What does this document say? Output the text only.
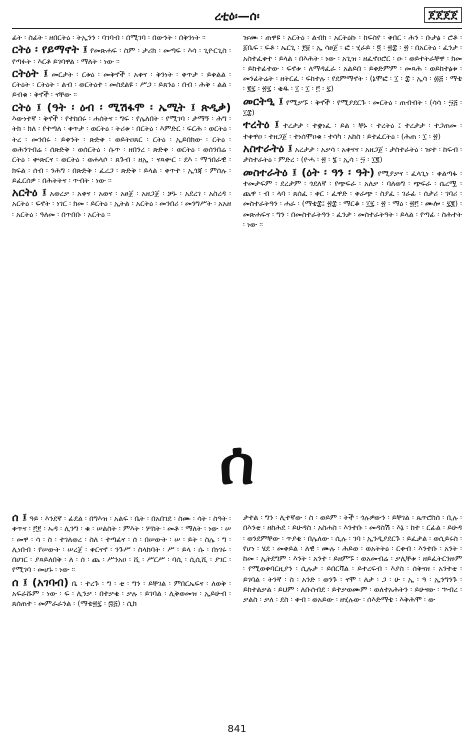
ረቲዕ፡—ሰ፡	ጀጀጀጀ

ፊት ፡ ስፊት ፡ ዘበርትዕ ፡ ትኢንን ፡ ባገባብ ፡ በሚገባ ፡ በውንት ፡ በቅንነት ፡፡

ርትዕ ፡ የይማኖት ፤ የመጽሐፍ ፡ ስም ፡ ታሪክ ፡ መጣፍ ፡ እሳ ፡ ጊዮርጊስ ፡ የጣፉት ፡ እርቶ ይገባዋል ፡ ማለት ፡ ነው ፡፡

ርትዕት ፤ መርታት ፡ ርቱዕ ፡ መቅኖች ፡ አቀና ፡ ቅንነት ፡ ቀጥታ ፡ ይቀልል ፡ ርትዕት ፡ ርትዕት ፡ ልብ ፡ ወርትዕተ ፡ መስደልዩ ፡ ሥጋ ፡ ይጸንዕ ፡ በብ ፡ ሕቅ ፡ ልል ፡ ይብቁ ፡ ቅኖች ፡ ናቸው ፡፡

ርትዕ ፤ (ዓት ፡ ዕብ ፡ ሚሽፋሞ ፡ ኤሚት ፤ ጽዲቃ) እውነተኛ ፡ ቅኖች ፡ የተከበሩ ፡ ሐሰትና ፡ ግፍ ፡ የሌለበት ፡ የሚገባ ፡ ታማኝ ፡ ሕግ ፡ ትክ ፡ ክለ ፡ የተጣለ ፡ ቀጥታ ፡ ወርትዕ ፡ ትሪቱ ፡ በርትዕ ፡ እምድር ፡ ፍርሕ ፡ ወርትዕ ፡ ትረ ፡ መንበሩ ፡ ይቀንት ፡ ጽድቀ ፡ ወይትዐጸር ፡ ርትዕ ፡ ኢይበክው ፡ ርትዕ ፡ ወሕንገብሬ ፡ ሰጽድቅ ፡ ወሰርትዕ ፡ ሱጥ ፡ ዘበንረ ፡ ጽድቀ ፡ ወርትዕ ፡ ወሰንበሬ ፡ ርትዕ ፡ ቍጽርና ፡ ወርትዕ ፡ ወሐላሶ ፡ ጸጉብ ፡ ዘኢ ፡ ናጻቍር ፡ ደእ ፡ ማኅበራዊ ፡ ክፍል ፡ ሰብ ፡ ንሕግ ፡ በጽድቅ ፡ ፈረጋ ፡ ጽድቅ ፡ ይላል ፡ ቀጥተ ፡ ኢጎጃ ፡ ምሰሉ ፡ ይፈርሰዎ ፡ በሕትትና ፡ ጥብት ፡ ነው ፡፡

አርትዕ ፤ አወረቃ ፡ አቀና ፡ አወና ፡ አፀጀ ፡ አዘጋጀ ፡ ቻኑ ፡ አደረገ ፡ አስረዳ ፡ አርትዕ ፡ ፍኖት ፡ ነገር ፡ ክመ ፡ ይርትዕ ፡ ኢትል ፡ አርትዕ ፡ መንበሪ ፡ መንግሥት ፡ አአዘ ፡ አርትዕ ፡ ዓለመ ፡ በጥበቡ ፡ አርትዕ ፡፡

ዡሙ ፡ ጠዋዩ ፡ አርትዕ ፡ ልብክ ፡ አርትዕኩ ፡ ከፍስየ ፡ ቀበር ፡ ሕን ፡ ቡታፅ ፡ ሮቶ ፡ ፩ቤፍ ፡ ፍቶ ፡ ኤርጊ ፡ ፻፱ ፡ ኢ ሳፀጀ ፡ ፎ ፡ ሂራይ ፡ ፬ ፡ ፳፰ ፡ ፳ ፡ በአርትዕ ፡ ፈንታ ፡ አስተፈቀተ ፡ ይላል ፡ በእሕት ፡ ነው ፡ አጊዝ ፡ ዘፈኖዐሮር ፡ ዑ ፡ ወይተትራቸዋ ፡ ክመ ፡ ይከተፊተው ፡ ፍኖቱ ፡ ለማዳፈራ ፡ አልይበ ፡ ይቀድምም ፡ መጻሕ ፡ ወይከተፅቱ ፡ መንፊትሬት ፡ ዘትርፈ ፡ ፍከተሉ ፡ የደምማኖት ፡ (ኔሞፎ ፡ ፲ ፡ ፰ ፡ ኢሳ ፡ ፴፭ ፡ ማቴ ፡ ፪፯ ፡ ፳፯ ፡ ቂዱ ፡ ፲ ፡ ፲ ፡ ፫ ፡ ፯)

መርትዒ ፤ የሚቃኙ ፡ ቅኖች ፡ የሚያደርጉ ፡ መርትዕ ፡ ጠብብት ፡ (ሳሳ ፡ ፵፭ ፡ ፲፰)

ተረትዕ ፤ ተረታታ ፡ ተቋነፈ ፡ ይል ፡ ቸኑ ፡ ተረትዕ ፤ ተረታታ ፡ ተጋጠመ ፡ ተቀዋዐ ፡ ተዘጋጀ ፡ ተነሰሞዐቁ ፡ ተሳካ ፡ አከስ ፡ ይተፈርትዕ ፡ (ሕጠ ፡ ፲ ፡ ፳)

አስተራትዕ ፤ አረታታ ፡ አቃሳ ፡ አቀናና ፡ አዘጋጀ ፡ ታስተራትዕ ፡ ዡተ ፡ ከፍብ ፡ ታስተራትዕ ፡ ምድረ ፡ (ዮሓ ፡ ፳ ፡ ፮ ፡ ኢሳ ፡ ፵ ፡ ፲፪)

መስተራትዕ ፤ (ዕት ፡ ዓን ፡ ዓት) የሚያቃና ፡ ፈላጊነ ፡ ቀልጣፋ ፡ ተመታፍም ፡ ደረታም ፡ ጎደለኛ ፡ የጭፍራ ፡ አለቃ ፡ ባለወግ ፡ ጭፍራ ፡ ሴረሟ ፡ ጨዋ ፡ ብ ፡ ላባ ፡ ጸሰፈ ፡ ቀር ፡ ፈዋድ ፡ ቀራጭ ፡ ስያፈ ፡ ገራፊ ፡ ሰታሪ ፡ ገባሪ ፡ መስተራትዓን ፡ ሐራ ፡ (ማቴ፰፤ ፳፰ ፡ ማርቆ ፡ ፲፯ ፡ ፳ ፡ ማዕ ፡ ፳፫ ፡ ሙሎ ፡ ፯፪) ፡ መጽሐፍና ፡ ግን ፡ በመስተራትዓን ፡ ፈንታ ፡ መስተራትዓት ፡ ይላል ፡ የጣፊ ፡ ስሕተት ፡ ነው ፡፡

ሰ

ሰ ፤ ዓይ ፡ እንደኛ ፡ ፊደል ፡ በግእዝ ፡ አልፍ ፡ ቤት ፡ በአበገደ ፡ ስሙ ፡ ሳት ፡ ስዓት ፡ ቀጥና ፡ ፫፻ ፡ ኡዳ ፡ ሊንግ ፡ ቁ ፡ ሠልስት ፡ ምእት ፡ ሦስት ፡ መቶ ፡ ማለት ፡ ነው ፡ ሠ ፡ መዋ ፡ ሳ ፡ ስ ፡ ተገለወረ ፡ ስለ ፡ ተጣፊና ፡ ሰ ፡ በሠውት ፡ ሠ ፡ ይት ፡ ስሌ ፡ ግ ፡ ሊነበብ ፡ የሠውት ፡ ሠረጀ ፡ ቀርናኖ ፡ ንጉሥ ፡ ስላከባት ፡ ሥ ፡ ይላ ፡ ሱ ፡ በነገሩ ፡ በሀገር ፡ ያጻይለበቅ ፡ ለ ፡ ሰ ፡ ጨ ፡ ሥንአዐ ፡ ሺ ፡ ሥርሥ ፡ ባሲ ፡ ሲሲሺ ፡ ያገር ፡ የሚገባ ፡ መሆኑ ፡ ነው ፡፡

ሰ ፤ (አገባብ) ቤ ፡ ተረጉ ፡ ግ ፡ ቲ ፡ ግን ፡ ይቸገል ፡ ምበርኤፍና ፡ ለወቅ ፡ አፍራሹም ፡ ነው ፡ ፍ ፡ ሊንቃ ፡ በተቃቂ ፡ ቃሉ ፡ ይገባል ፡ ሊቅወመዝ ፡ ኢይሁብ ፡ ጸሰጠተ ፡ መምራራንል ፡ (ማቴ፳፯ ፡ ፷፭) ፡ ሲክ

ታተል ፡ ግን ፡ ሊተኛው ፡ ስ ፡ ወይም ፡ ትች ፡ ጎሉዎውን ፡ ይቸገል ፡ ጴጥሮስሰ ፡ ቢሉ ፡ በእንቲ ፡ ዘከሕደ ፡ ይሁዳስ ፡ አስሐስ ፡ እንተቡ ፡ መዳስሽ ፡ እኔ ፡ ከተ ፡ ርፊል ፡ ይሁዳ ፡ ወንደምቸው ፡ ጥያቂ ፡ በሌለው ፡ ሲሉ ፡ ገባ ፡ ኢንዲያደርጉ ፡ ይፈታል ፡ ወሲይሩስ ፡ የሆነ ፡ ሄደ ፡ መቀይል ፡ ለዊ ፡ ሙሉ ፡ ሕይወ ፡ ወአትትዕ ፡ ርቀብ ፡ እንተቡ ፡ አንት ፡ ከመ ፡ ኢትደግም ፡ እንት ፡ አንተ ፡ ይዘምኙ ፡ ወአመብሬ ፡ ቃሊቸቱ ፡ ዘይፈትርንዙም ፡ የሚወቀባርዚያን ፡ ሲሉታ ፡ ይበርቫል ፡ ይተረፍብ ፡ እያስ ፡ ሰቅናዘ ፡ አንተቲ ፡ ይገባል ፡ ትንኛ ፡ ስ ፡ አንድ ፡ ወንጉ ፡ ናሞ ፡ ለታ ፡ ጋ ፡ ሁ ፡ ኢ ፡ ዓ ፡ ኢንግንጉ ፡ ይከተልቃል ፡ ይህም ፡ ለቡሰብደ ፡ ይተቃወሙም ፡ ወለተአሕትን ፡ ይሁናው ፡ ኍብረ ፡ ቃልስ ፡ ቃለ ፡ ደስ ፡ ቀብ ፡ ወአይው ፡ ዘሂሉው ፡ ሰእድማቴ ፡ እቅሕሞ ፡ ው

841
